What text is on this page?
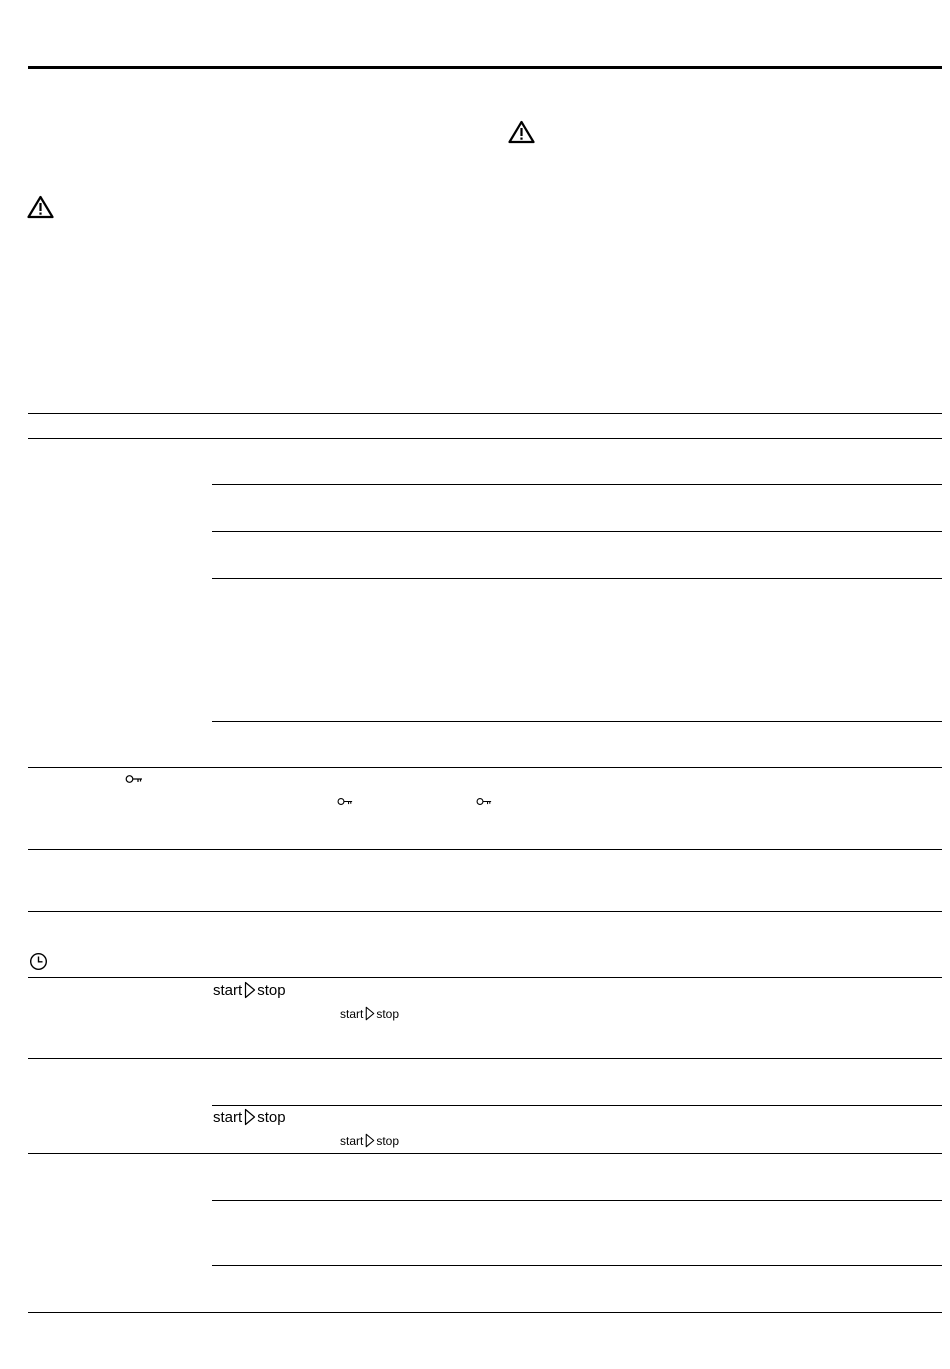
start stop
start stop
start stop
start stop
